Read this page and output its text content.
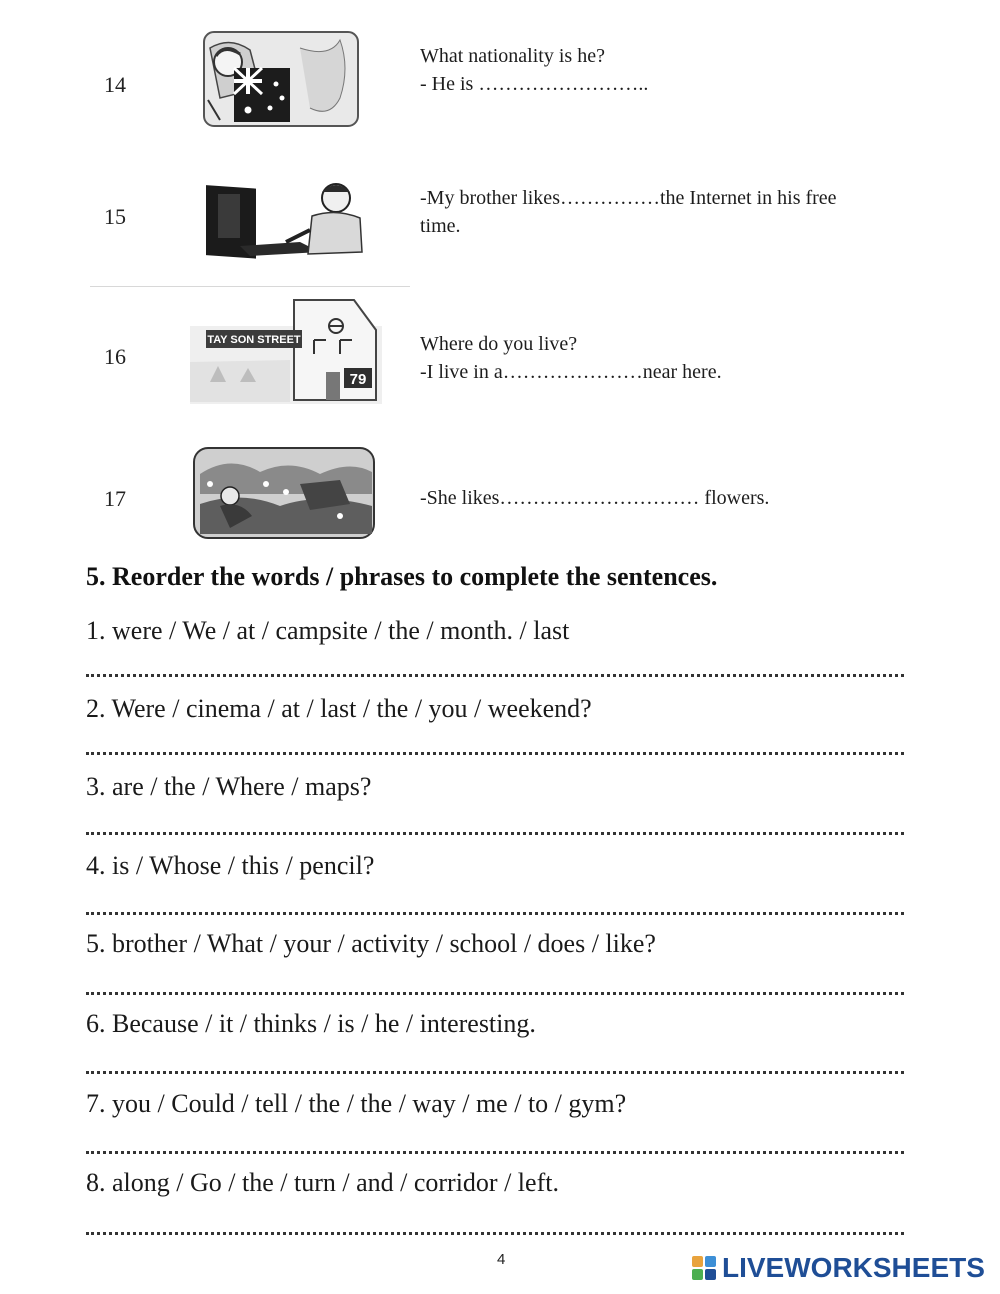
14
What nationality is he?
- He is ……………………..
15
-My brother likes……………the Internet in his free
time.
16
TAY SON STREET
79
Where do you live?
-I live in a…………………near here.
17	-She likes………………………… flowers.
5. Reorder the words / phrases to complete the sentences.
1. were / We / at / campsite / the / month. / last
2. Were / cinema / at / last / the / you / weekend?
3. are / the / Where / maps?
4. is / Whose / this / pencil?
5. brother / What / your / activity / school / does / like?
6. Because / it / thinks / is / he / interesting.
7. you / Could / tell / the / the / way / me / to / gym?
8. along / Go / the / turn / and / corridor / left.
4	LIVEWORKSHEETS
